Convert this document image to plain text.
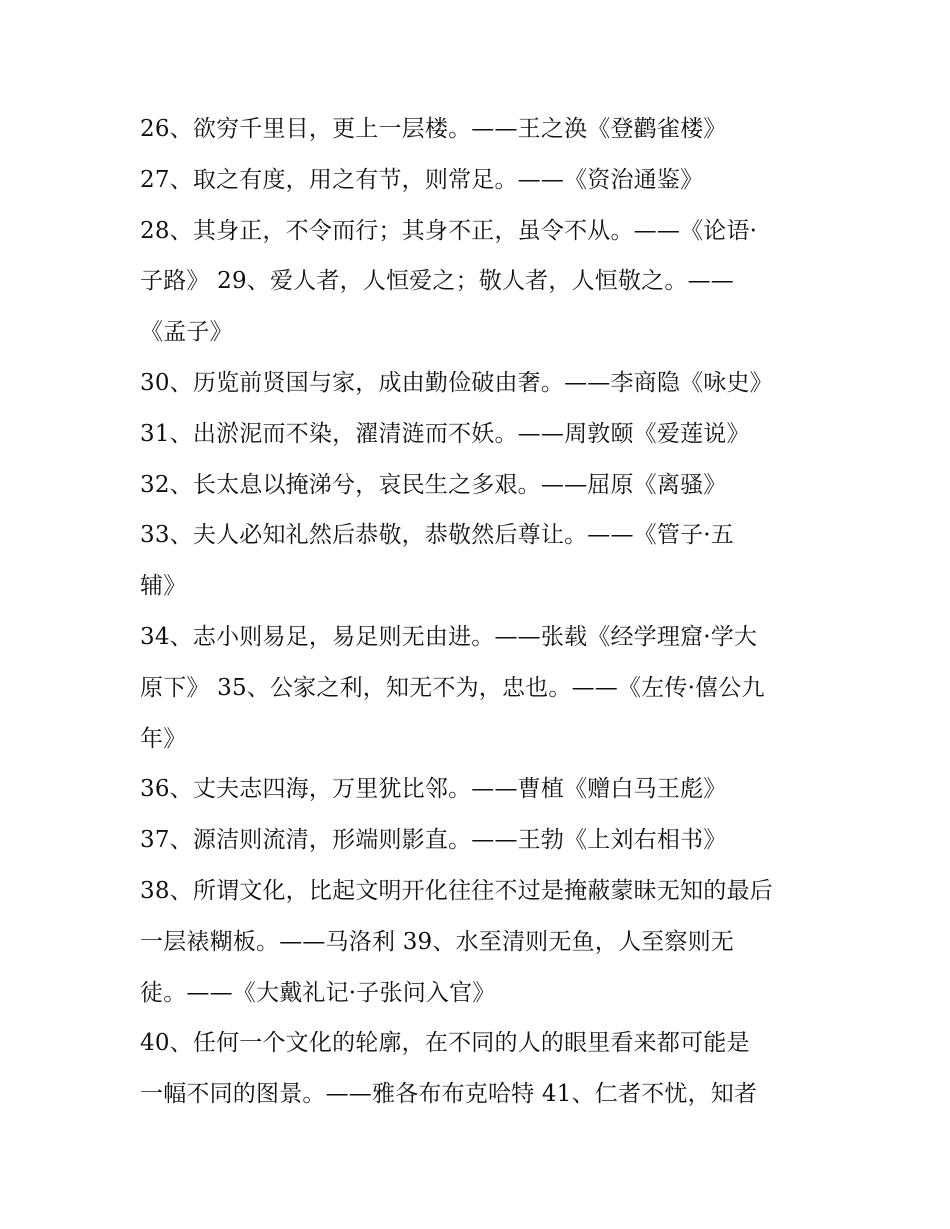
26、欲穷千里目，更上一层楼。——王之涣《登鹳雀楼》
27、取之有度，用之有节，则常足。——《资治通鉴》
28、其身正，不令而行；其身不正，虽令不从。——《论语·
子路》 29、爱人者，人恒爱之；敬人者，人恒敬之。——
《孟子》
30、历览前贤国与家，成由勤俭破由奢。——李商隐《咏史》
31、出淤泥而不染，濯清涟而不妖。——周敦颐《爱莲说》
32、长太息以掩涕兮，哀民生之多艰。——屈原《离骚》
33、夫人必知礼然后恭敬，恭敬然后尊让。——《管子·五
辅》
34、志小则易足，易足则无由进。——张载《经学理窟·学大
原下》 35、公家之利，知无不为，忠也。——《左传·僖公九
年》
36、丈夫志四海，万里犹比邻。——曹植《赠白马王彪》
37、源洁则流清，形端则影直。——王勃《上刘右相书》
38、所谓文化，比起文明开化往往不过是掩蔽蒙昧无知的最后
一层裱糊板。——马洛利 39、水至清则无鱼，人至察则无
徒。——《大戴礼记·子张问入官》
40、任何一个文化的轮廓，在不同的人的眼里看来都可能是
一幅不同的图景。——雅各布布克哈特 41、仁者不忧，知者
